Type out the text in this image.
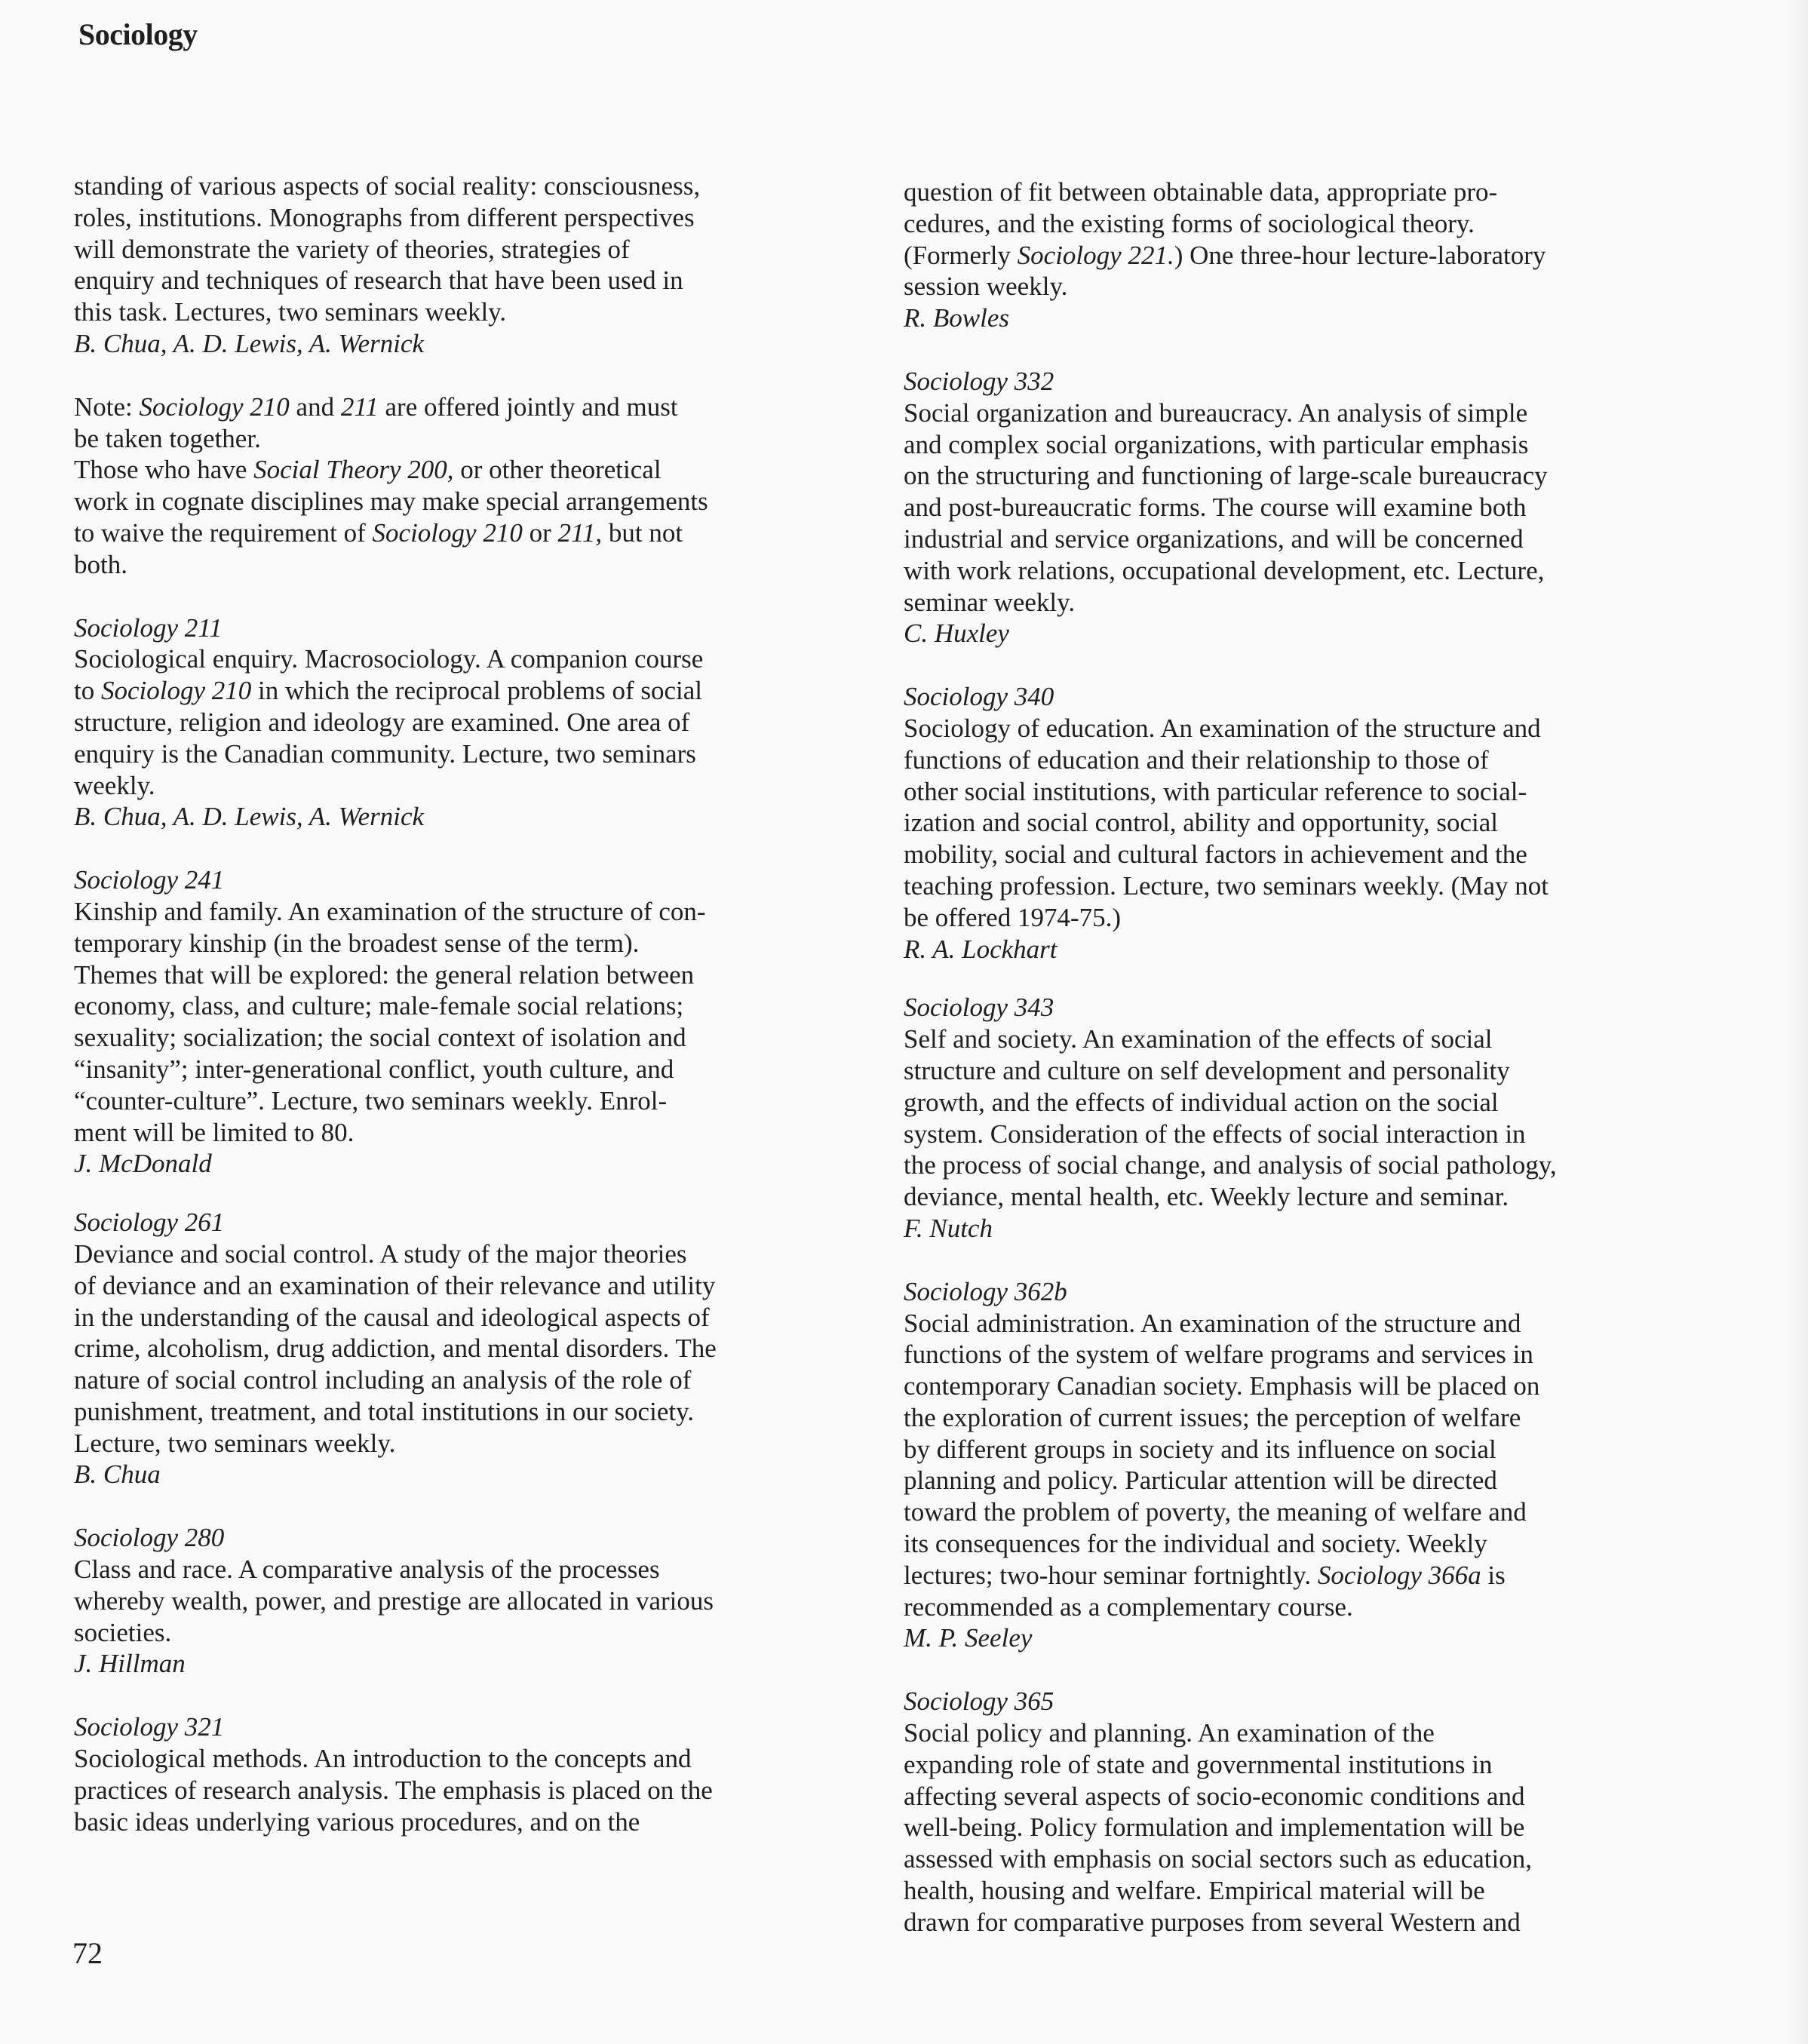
Sociology
standing of various aspects of social reality: consciousness,
roles, institutions. Monographs from different perspectives
will demonstrate the variety of theories, strategies of
enquiry and techniques of research that have been used in
this task. Lectures, two seminars weekly.
B. Chua, A. D. Lewis, A. Wernick
Note: Sociology 210 and 211 are offered jointly and must
be taken together.
Those who have Social Theory 200, or other theoretical
work in cognate disciplines may make special arrangements
to waive the requirement of Sociology 210 or 211, but not
both.
Sociology 211
Sociological enquiry. Macrosociology. A companion course
to Sociology 210 in which the reciprocal problems of social
structure, religion and ideology are examined. One area of
enquiry is the Canadian community. Lecture, two seminars
weekly.
B. Chua, A. D. Lewis, A. Wernick
Sociology 241
Kinship and family. An examination of the structure of con-
temporary kinship (in the broadest sense of the term).
Themes that will be explored: the general relation between
economy, class, and culture; male-female social relations;
sexuality; socialization; the social context of isolation and
“insanity”; inter-generational conflict, youth culture, and
“counter-culture”. Lecture, two seminars weekly. Enrol-
ment will be limited to 80.
J. McDonald
Sociology 261
Deviance and social control. A study of the major theories
of deviance and an examination of their relevance and utility
in the understanding of the causal and ideological aspects of
crime, alcoholism, drug addiction, and mental disorders. The
nature of social control including an analysis of the role of
punishment, treatment, and total institutions in our society.
Lecture, two seminars weekly.
B. Chua
Sociology 280
Class and race. A comparative analysis of the processes
whereby wealth, power, and prestige are allocated in various
societies.
J. Hillman
Sociology 321
Sociological methods. An introduction to the concepts and
practices of research analysis. The emphasis is placed on the
basic ideas underlying various procedures, and on the
question of fit between obtainable data, appropriate pro-
cedures, and the existing forms of sociological theory.
(Formerly Sociology 221.) One three-hour lecture-laboratory
session weekly.
R. Bowles
Sociology 332
Social organization and bureaucracy. An analysis of simple
and complex social organizations, with particular emphasis
on the structuring and functioning of large-scale bureaucracy
and post-bureaucratic forms. The course will examine both
industrial and service organizations, and will be concerned
with work relations, occupational development, etc. Lecture,
seminar weekly.
C. Huxley
Sociology 340
Sociology of education. An examination of the structure and
functions of education and their relationship to those of
other social institutions, with particular reference to social-
ization and social control, ability and opportunity, social
mobility, social and cultural factors in achievement and the
teaching profession. Lecture, two seminars weekly. (May not
be offered 1974-75.)
R. A. Lockhart
Sociology 343
Self and society. An examination of the effects of social
structure and culture on self development and personality
growth, and the effects of individual action on the social
system. Consideration of the effects of social interaction in
the process of social change, and analysis of social pathology,
deviance, mental health, etc. Weekly lecture and seminar.
F. Nutch
Sociology 362b
Social administration. An examination of the structure and
functions of the system of welfare programs and services in
contemporary Canadian society. Emphasis will be placed on
the exploration of current issues; the perception of welfare
by different groups in society and its influence on social
planning and policy. Particular attention will be directed
toward the problem of poverty, the meaning of welfare and
its consequences for the individual and society. Weekly
lectures; two-hour seminar fortnightly. Sociology 366a is
recommended as a complementary course.
M. P. Seeley
Sociology 365
Social policy and planning. An examination of the
expanding role of state and governmental institutions in
affecting several aspects of socio-economic conditions and
well-being. Policy formulation and implementation will be
assessed with emphasis on social sectors such as education,
health, housing and welfare. Empirical material will be
drawn for comparative purposes from several Western and
72
